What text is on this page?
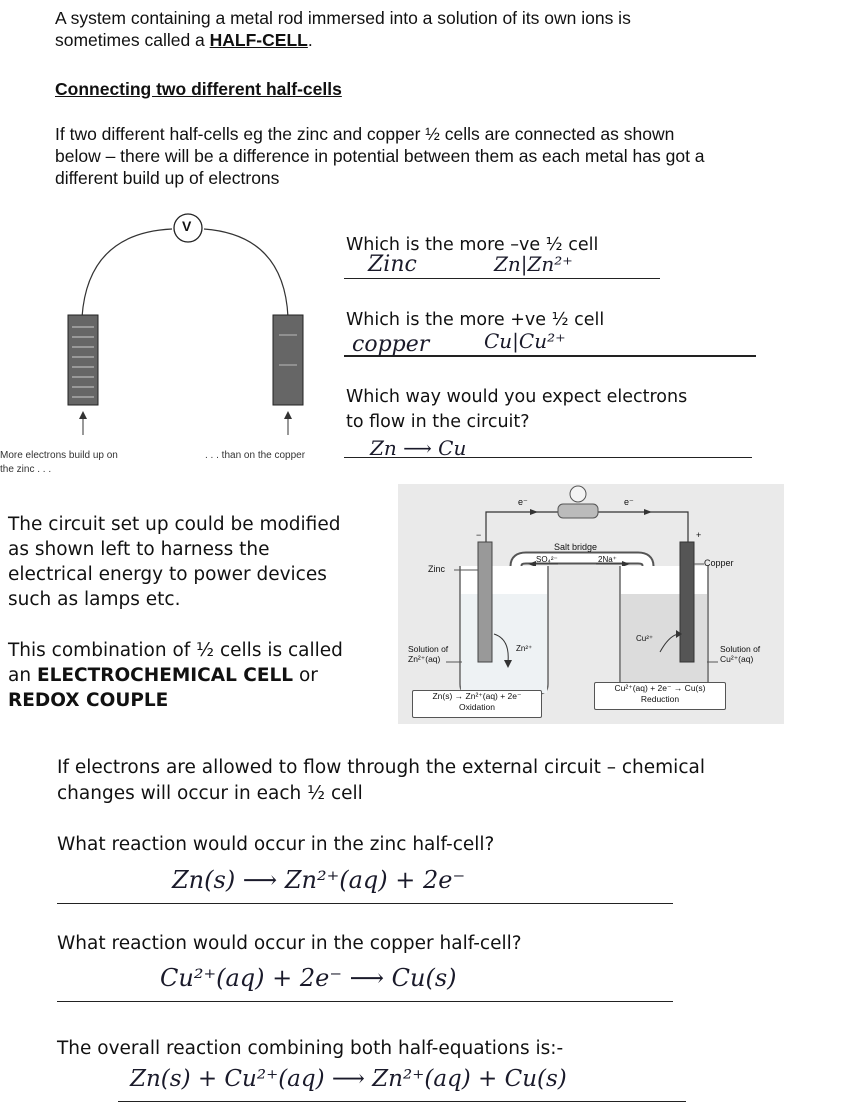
A system containing a metal rod immersed into a solution of its own ions is
sometimes called a HALF-CELL.
Connecting two different half-cells
If two different half-cells eg the zinc and copper ½ cells are connected as shown
below – there will be a difference in potential between them as each metal has got a
different build up of electrons
V
More electrons build up on
the zinc . . .
. . . than on the copper
Which is the more –ve ½ cell
Zinc	Zn|Zn²⁺
Which is the more +ve ½ cell
copper	Cu|Cu²⁺
Which way would you expect electrons
to flow in the circuit?
Zn ⟶ Cu
The circuit set up could be modified
as shown left to harness the
electrical energy to power devices
such as lamps etc.
This combination of ½ cells is called
an ELECTROCHEMICAL CELL or
REDOX COUPLE
e⁻	e⁻
Salt bridge
SO₄²⁻	2Na⁺
Zinc
Copper
−	+
Zn²⁺
Cu²⁺
Solution of
Zn²⁺(aq)
Solution of
Cu²⁺(aq)
Zn(s) → Zn²⁺(aq) + 2e⁻
Oxidation
Cu²⁺(aq) + 2e⁻ → Cu(s)
Reduction
If electrons are allowed to flow through the external circuit – chemical
changes will occur in each ½ cell
What reaction would occur in the zinc half-cell?
Zn(s) ⟶ Zn²⁺(aq) + 2e⁻
What reaction would occur in the copper half-cell?
Cu²⁺(aq) + 2e⁻ ⟶ Cu(s)
The overall reaction combining both half-equations is:-
Zn(s) + Cu²⁺(aq) ⟶ Zn²⁺(aq) + Cu(s)
